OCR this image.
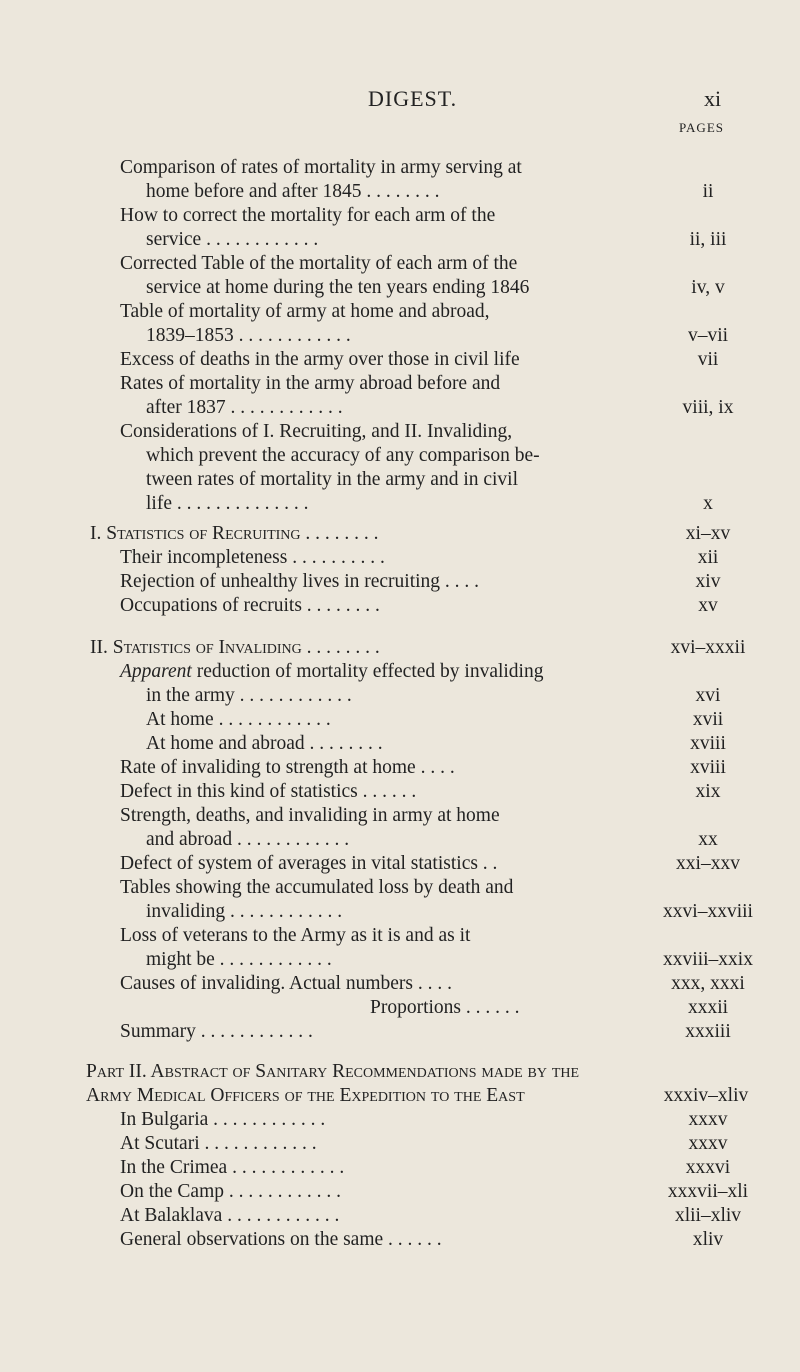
DIGEST.	xi
PAGES
Comparison of rates of mortality in army serving at
home before and after 1845 . . . . . . . .	ii
How to correct the mortality for each arm of the
service . . . . . . . . . . . .	ii, iii
Corrected Table of the mortality of each arm of the
service at home during the ten years ending 1846	iv, v
Table of mortality of army at home and abroad,
1839–1853 . . . . . . . . . . . .	v–vii
Excess of deaths in the army over those in civil life	vii
Rates of mortality in the army abroad before and
after 1837 . . . . . . . . . . . .	viii, ix
Considerations of I. Recruiting, and II. Invaliding,
which prevent the accuracy of any comparison be-
tween rates of mortality in the army and in civil
life . . . . . . . . . . . . . .	x
I. Statistics of Recruiting . . . . . . . .	xi–xv
Their incompleteness . . . . . . . . . .	xii
Rejection of unhealthy lives in recruiting . . . .	xiv
Occupations of recruits . . . . . . . .	xv
II. Statistics of Invaliding . . . . . . . .	xvi–xxxii
Apparent reduction of mortality effected by invaliding
in the army . . . . . . . . . . . .	xvi
At home . . . . . . . . . . . .	xvii
At home and abroad . . . . . . . .	xviii
Rate of invaliding to strength at home . . . .	xviii
Defect in this kind of statistics . . . . . .	xix
Strength, deaths, and invaliding in army at home
and abroad . . . . . . . . . . . .	xx
Defect of system of averages in vital statistics . .	xxi–xxv
Tables showing the accumulated loss by death and
invaliding . . . . . . . . . . . .	xxvi–xxviii
Loss of veterans to the Army as it is and as it
might be . . . . . . . . . . . .	xxviii–xxix
Causes of invaliding. Actual numbers . . . .	xxx, xxxi
Proportions . . . . . .	xxxii
Summary . . . . . . . . . . . .	xxxiii
Part II. Abstract of Sanitary Recommendations made by the
Army Medical Officers of the Expedition to the East	xxxiv–xliv
In Bulgaria . . . . . . . . . . . .	xxxv
At Scutari . . . . . . . . . . . .	xxxv
In the Crimea . . . . . . . . . . . .	xxxvi
On the Camp . . . . . . . . . . . .	xxxvii–xli
At Balaklava . . . . . . . . . . . .	xlii–xliv
General observations on the same . . . . . .	xliv
